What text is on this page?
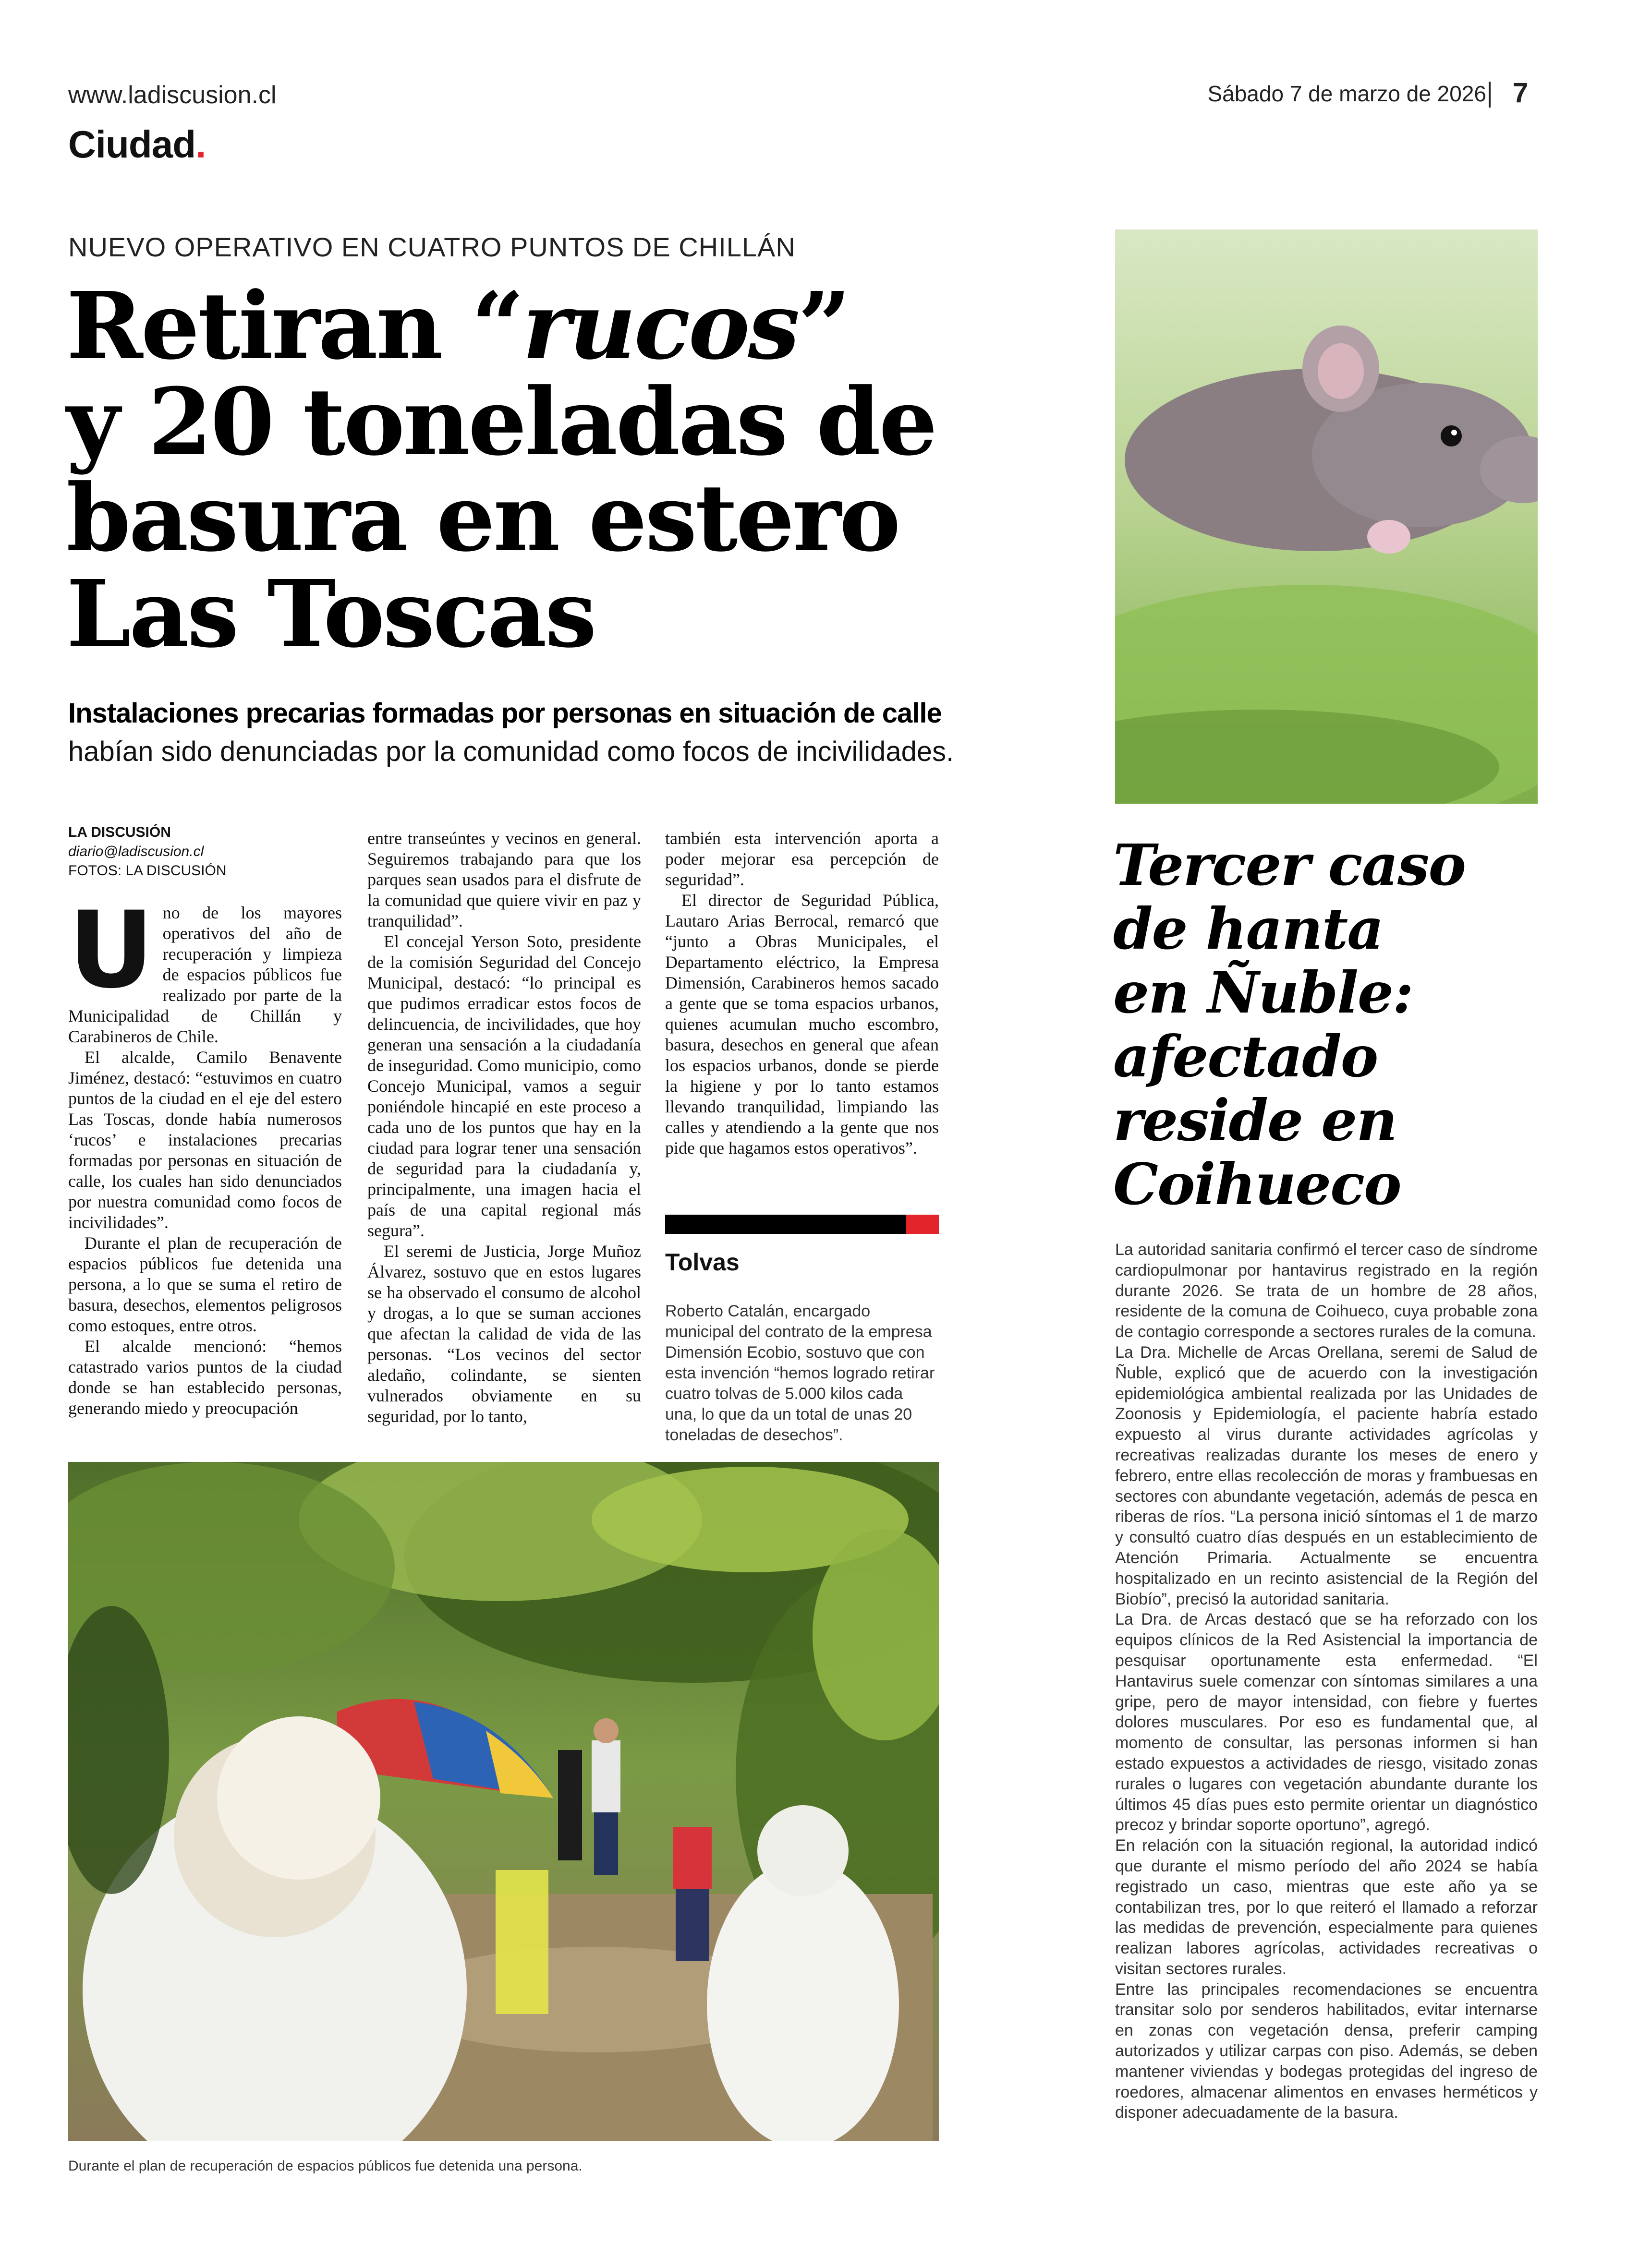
www.ladiscusion.cl	Sábado 7 de marzo de 2026 7
Ciudad.
NUEVO OPERATIVO EN CUATRO PUNTOS DE CHILLÁN
Retiran “rucos”
y 20 toneladas de
basura en estero
Las Toscas
Instalaciones precarias formadas por personas en situación de calle
habían sido denunciadas por la comunidad como focos de incivilidades.
LA DISCUSIÓN
diario@ladiscusion.cl
FOTOS: LA DISCUSIÓN
U no de los mayores operativos del año de recuperación y limpieza de espacios públicos fue realizado por parte de la Municipalidad de Chillán y Carabineros de Chile.

El alcalde, Camilo Benavente Jiménez, destacó: “estuvimos en cuatro puntos de la ciudad en el eje del estero Las Toscas, donde había numerosos ‘rucos’ e instalaciones precarias formadas por personas en situación de calle, los cuales han sido denunciados por nuestra comunidad como focos de incivilidades”.

Durante el plan de recuperación de espacios públicos fue detenida una persona, a lo que se suma el retiro de basura, desechos, elementos peligrosos como estoques, entre otros.

El alcalde mencionó: “hemos catastrado varios puntos de la ciudad donde se han establecido personas, generando miedo y preocupación

entre transeúntes y vecinos en general. Seguiremos trabajando para que los parques sean usados para el disfrute de la comunidad que quiere vivir en paz y tranquilidad”.

El concejal Yerson Soto, presidente de la comisión Seguridad del Concejo Municipal, destacó: “lo principal es que pudimos erradicar estos focos de delincuencia, de incivilidades, que hoy generan una sensación a la ciudadanía de inseguridad. Como municipio, como Concejo Municipal, vamos a seguir poniéndole hincapié en este proceso a cada uno de los puntos que hay en la ciudad para lograr tener una sensación de seguridad para la ciudadanía y, principalmente, una imagen hacia el país de una capital regional más segura”.

El seremi de Justicia, Jorge Muñoz Álvarez, sostuvo que en estos lugares se ha observado el consumo de alcohol y drogas, a lo que se suman acciones que afectan la calidad de vida de las personas. “Los vecinos del sector aledaño, colindante, se sienten vulnerados obviamente en su seguridad, por lo tanto,

también esta intervención aporta a poder mejorar esa percepción de seguridad”.

El director de Seguridad Pública, Lautaro Arias Berrocal, remarcó que “junto a Obras Municipales, el Departamento eléctrico, la Empresa Dimensión, Carabineros hemos sacado a gente que se toma espacios urbanos, quienes acumulan mucho escombro, basura, desechos en general que afean los espacios urbanos, donde se pierde la higiene y por lo tanto estamos llevando tranquilidad, limpiando las calles y atendiendo a la gente que nos pide que hagamos estos operativos”.

Tolvas
Roberto Catalán, encargado municipal del contrato de la empresa Dimensión Ecobio, sostuvo que con esta invención “hemos logrado retirar cuatro tolvas de 5.000 kilos cada una, lo que da un total de unas 20 toneladas de desechos”.
Durante el plan de recuperación de espacios públicos fue detenida una persona.
Tercer caso
de hanta
en Ñuble:
afectado
reside en
Coihueco

La autoridad sanitaria confirmó el tercer caso de síndrome cardiopulmonar por hantavirus registrado en la región durante 2026. Se trata de un hombre de 28 años, residente de la comuna de Coihueco, cuya probable zona de contagio corresponde a sectores rurales de la comuna.

La Dra. Michelle de Arcas Orellana, seremi de Salud de Ñuble, explicó que de acuerdo con la investigación epidemiológica ambiental realizada por las Unidades de Zoonosis y Epidemiología, el paciente habría estado expuesto al virus durante actividades agrícolas y recreativas realizadas durante los meses de enero y febrero, entre ellas recolección de moras y frambuesas en sectores con abundante vegetación, además de pesca en riberas de ríos. “La persona inició síntomas el 1 de marzo y consultó cuatro días después en un establecimiento de Atención Primaria. Actualmente se encuentra hospitalizado en un recinto asistencial de la Región del Biobío”, precisó la autoridad sanitaria.

La Dra. de Arcas destacó que se ha reforzado con los equipos clínicos de la Red Asistencial la importancia de pesquisar oportunamente esta enfermedad. “El Hantavirus suele comenzar con síntomas similares a una gripe, pero de mayor intensidad, con fiebre y fuertes dolores musculares. Por eso es fundamental que, al momento de consultar, las personas informen si han estado expuestos a actividades de riesgo, visitado zonas rurales o lugares con vegetación abundante durante los últimos 45 días pues esto permite orientar un diagnóstico precoz y brindar soporte oportuno”, agregó.

En relación con la situación regional, la autoridad indicó que durante el mismo período del año 2024 se había registrado un caso, mientras que este año ya se contabilizan tres, por lo que reiteró el llamado a reforzar las medidas de prevención, especialmente para quienes realizan labores agrícolas, actividades recreativas o visitan sectores rurales.

Entre las principales recomendaciones se encuentra transitar solo por senderos habilitados, evitar internarse en zonas con vegetación densa, preferir camping autorizados y utilizar carpas con piso. Además, se deben mantener viviendas y bodegas protegidas del ingreso de roedores, almacenar alimentos en envases herméticos y disponer adecuadamente de la basura.
